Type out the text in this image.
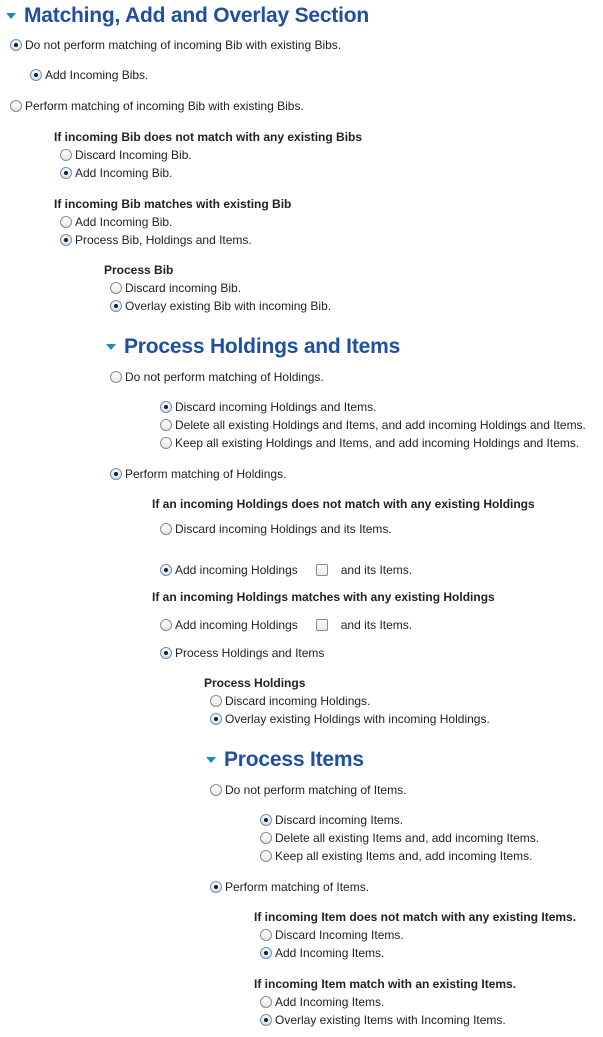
Matching, Add and Overlay Section
Do not perform matching of incoming Bib with existing Bibs.
Add Incoming Bibs.
Perform matching of incoming Bib with existing Bibs.
If incoming Bib does not match with any existing Bibs
Discard Incoming Bib.
Add Incoming Bib.
If incoming Bib matches with existing Bib
Add Incoming Bib.
Process Bib, Holdings and Items.
Process Bib
Discard incoming Bib.
Overlay existing Bib with incoming Bib.
Process Holdings and Items
Do not perform matching of Holdings.
Discard incoming Holdings and Items.
Delete all existing Holdings and Items, and add incoming Holdings and Items.
Keep all existing Holdings and Items, and add incoming Holdings and Items.
Perform matching of Holdings.
If an incoming Holdings does not match with any existing Holdings
Discard incoming Holdings and its Items.
Add incoming Holdings	and its Items.
If an incoming Holdings matches with any existing Holdings
Add incoming Holdings	and its Items.
Process Holdings and Items
Process Holdings
Discard incoming Holdings.
Overlay existing Holdings with incoming Holdings.
Process Items
Do not perform matching of Items.
Discard incoming Items.
Delete all existing Items and, add incoming Items.
Keep all existing Items and, add incoming Items.
Perform matching of Items.
If incoming Item does not match with any existing Items.
Discard Incoming Items.
Add Incoming Items.
If incoming Item match with an existing Items.
Add Incoming Items.
Overlay existing Items with Incoming Items.
